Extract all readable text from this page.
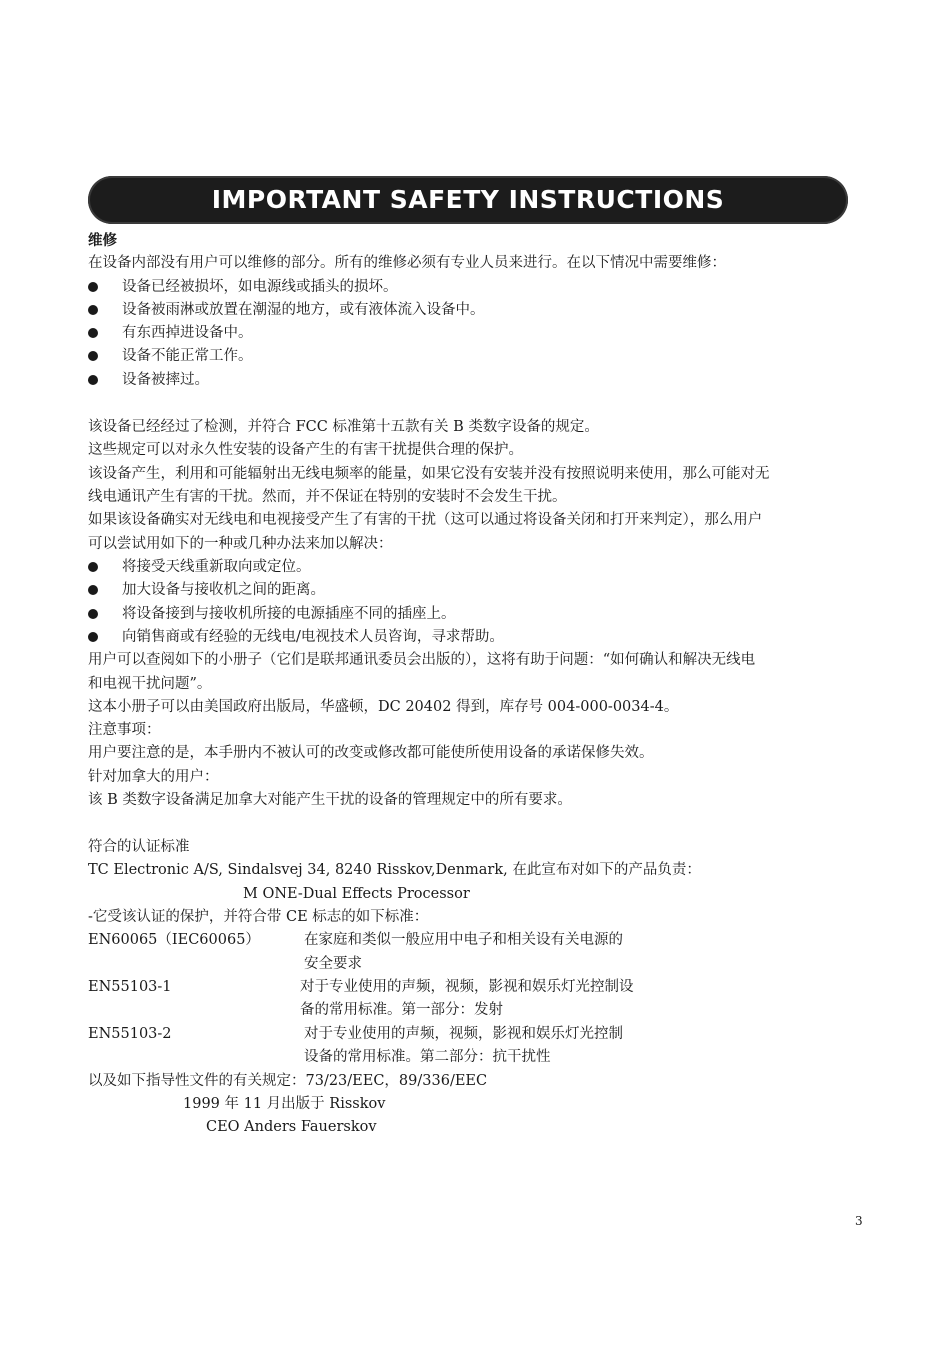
IMPORTANT SAFETY INSTRUCTIONS
维修
在设备内部没有用户可以维修的部分。所有的维修必须有专业人员来进行。在以下情况中需要维修：
设备已经被损坏，如电源线或插头的损坏。
设备被雨淋或放置在潮湿的地方，或有液体流入设备中。
有东西掉进设备中。
设备不能正常工作。
设备被摔过。
该设备已经经过了检测，并符合 FCC 标准第十五款有关 B 类数字设备的规定。
这些规定可以对永久性安装的设备产生的有害干扰提供合理的保护。
该设备产生，利用和可能辐射出无线电频率的能量，如果它没有安装并没有按照说明来使用，那么可能对无
线电通讯产生有害的干扰。然而，并不保证在特别的安装时不会发生干扰。
如果该设备确实对无线电和电视接受产生了有害的干扰（这可以通过将设备关闭和打开来判定），那么用户
可以尝试用如下的一种或几种办法来加以解决：
将接受天线重新取向或定位。
加大设备与接收机之间的距离。
将设备接到与接收机所接的电源插座不同的插座上。
向销售商或有经验的无线电/电视技术人员咨询，寻求帮助。
用户可以查阅如下的小册子（它们是联邦通讯委员会出版的），这将有助于问题：“如何确认和解决无线电
和电视干扰问题”。
这本小册子可以由美国政府出版局，华盛顿，DC 20402 得到，库存号 004-000-0034-4。
注意事项：
用户要注意的是，本手册内不被认可的改变或修改都可能使所使用设备的承诺保修失效。
针对加拿大的用户：
该 B 类数字设备满足加拿大对能产生干扰的设备的管理规定中的所有要求。
符合的认证标准
TC Electronic A/S, Sindalsvej 34, 8240 Risskov,Denmark, 在此宣布对如下的产品负责：
M ONE-Dual Effects Processor
-它受该认证的保护，并符合带 CE 标志的如下标准：
EN60065（IEC60065）	在家庭和类似一般应用中电子和相关设有关电源的
安全要求
EN55103-1	对于专业使用的声频，视频，影视和娱乐灯光控制设
备的常用标准。第一部分：发射
EN55103-2	对于专业使用的声频，视频，影视和娱乐灯光控制
设备的常用标准。第二部分：抗干扰性
以及如下指导性文件的有关规定：73/23/EEC，89/336/EEC
1999 年 11 月出版于 Risskov
CEO Anders Fauerskov
3
